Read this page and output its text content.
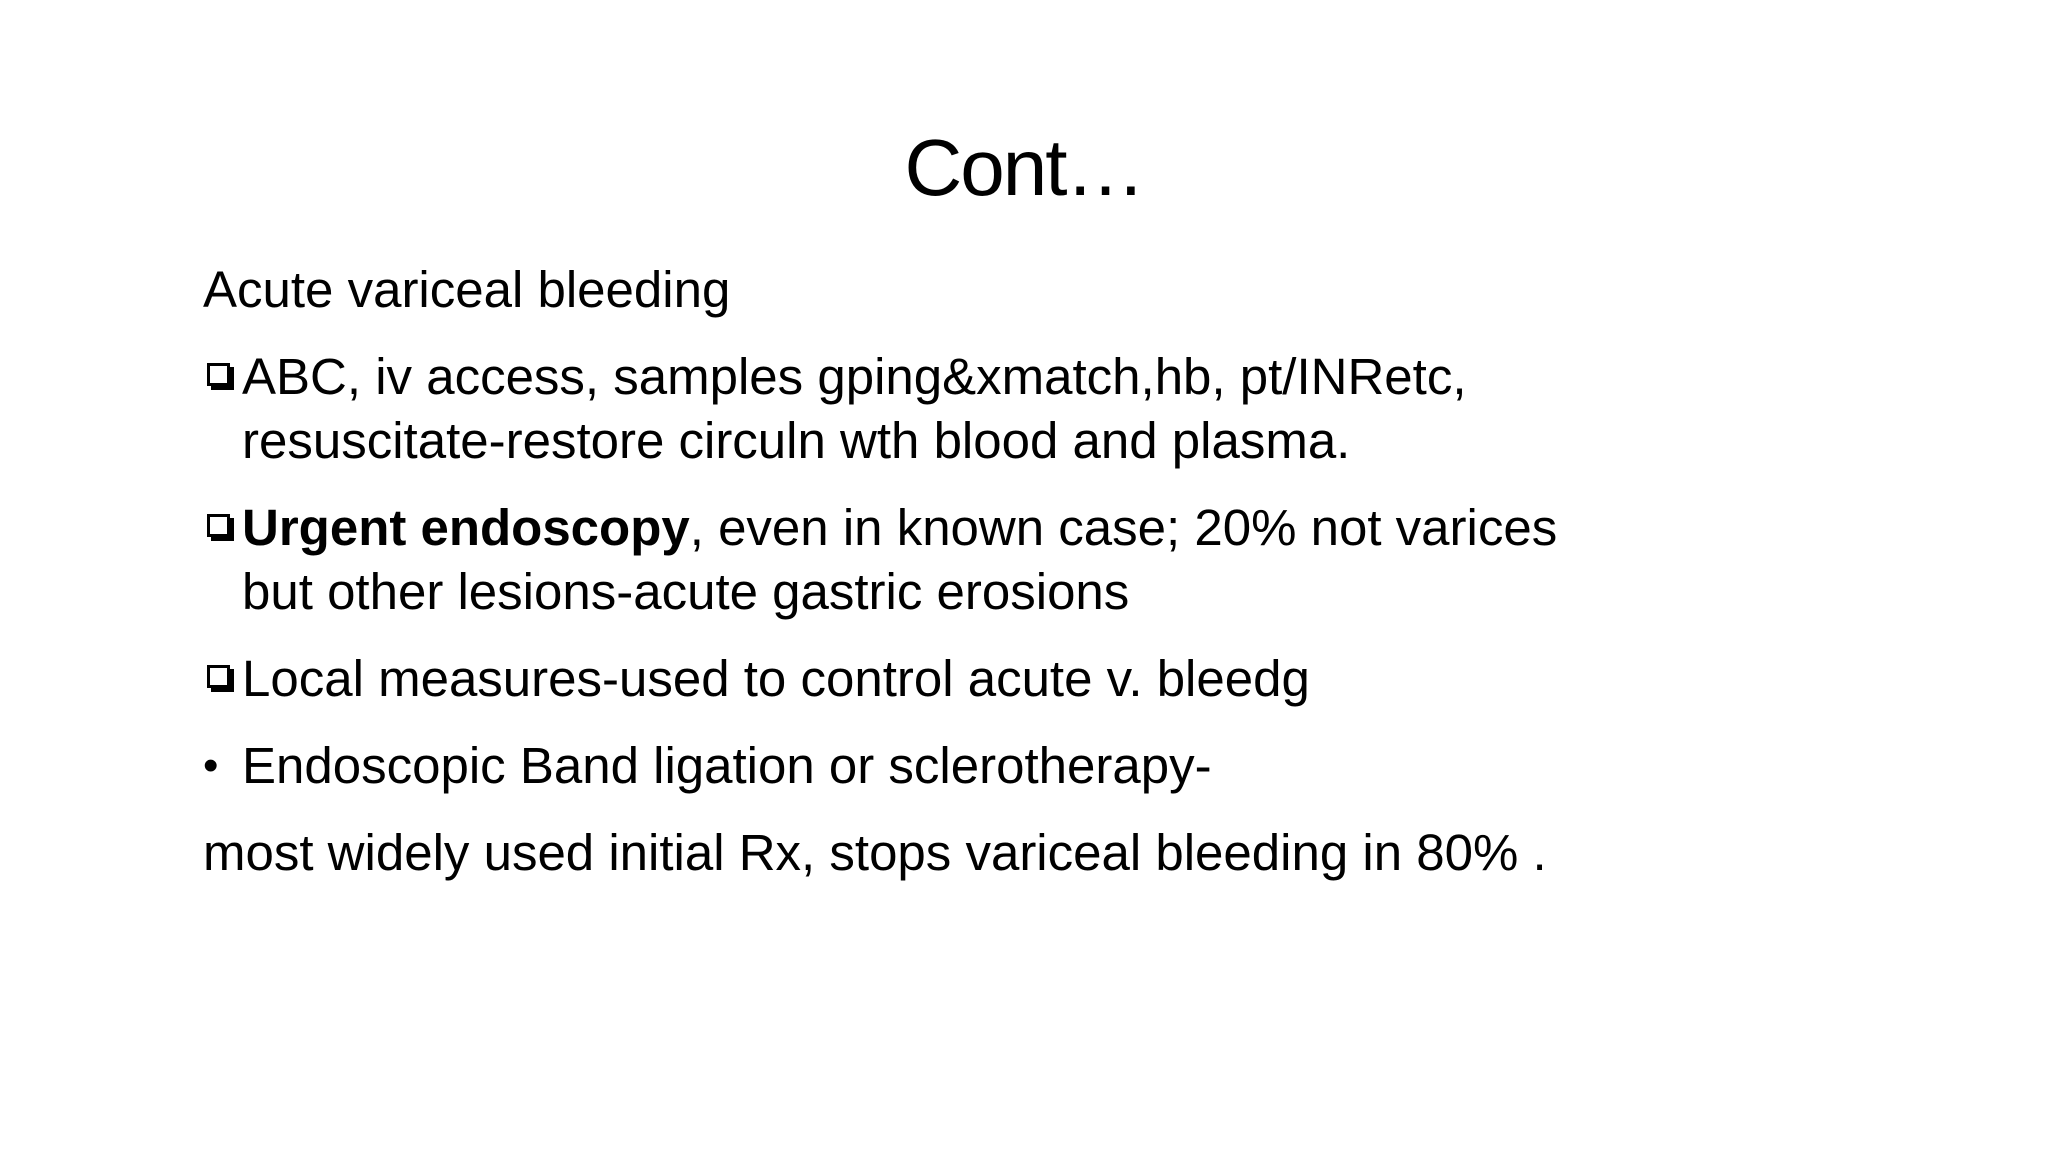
Cont…

Acute variceal bleeding

ABC, iv access, samples gping&xmatch,hb, pt/INRetc,
resuscitate-restore circuln wth blood and plasma.
Urgent endoscopy, even in known case; 20% not varices
but other lesions-acute gastric erosions
Local measures-used to control acute v. bleedg
• Endoscopic Band ligation or sclerotherapy-

most widely used initial Rx, stops variceal bleeding in 80% .
